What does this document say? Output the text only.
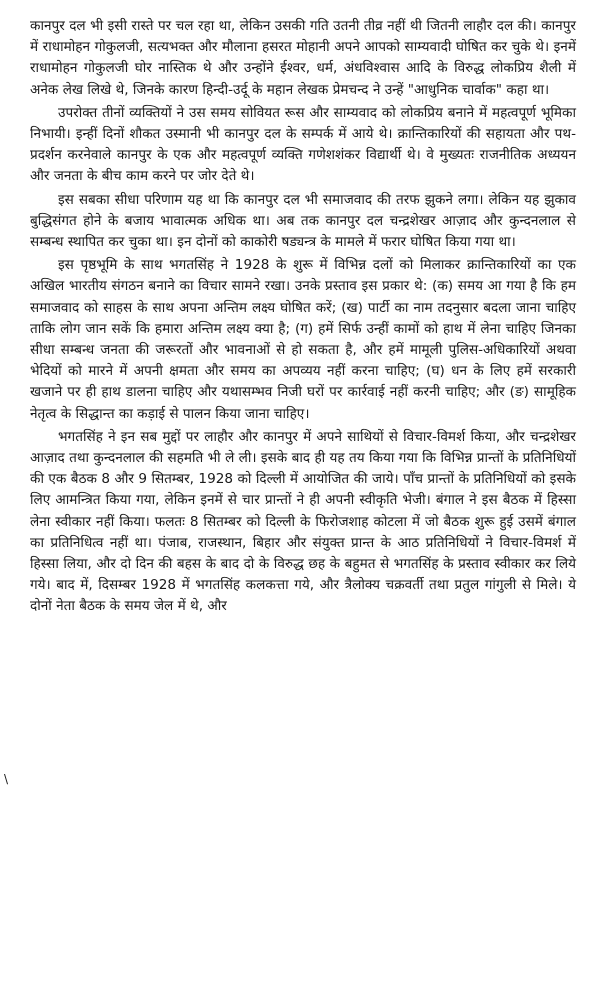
कानपुर दल भी इसी रास्ते पर चल रहा था, लेकिन उसकी गति उतनी तीव्र नहीं थी जितनी लाहौर दल की। कानपुर में राधामोहन गोकुलजी, सत्यभक्त और मौलाना हसरत मोहानी अपने आपको साम्यवादी घोषित कर चुके थे। इनमें राधामोहन गोकुलजी घोर नास्तिक थे और उन्होंने ईश्वर, धर्म, अंधविश्वास आदि के विरुद्ध लोकप्रिय शैली में अनेक लेख लिखे थे, जिनके कारण हिन्दी-उर्दू के महान लेखक प्रेमचन्द ने उन्हें "आधुनिक चार्वाक" कहा था।

उपरोक्त तीनों व्यक्तियों ने उस समय सोवियत रूस और साम्यवाद को लोकप्रिय बनाने में महत्वपूर्ण भूमिका निभायी। इन्हीं दिनों शौकत उस्मानी भी कानपुर दल के सम्पर्क में आये थे। क्रान्तिकारियों की सहायता और पथ-प्रदर्शन करनेवाले कानपुर के एक और महत्वपूर्ण व्यक्ति गणेशशंकर विद्यार्थी थे। वे मुख्यतः राजनीतिक अध्ययन और जनता के बीच काम करने पर जोर देते थे।

इस सबका सीधा परिणाम यह था कि कानपुर दल भी समाजवाद की तरफ झुकने लगा। लेकिन यह झुकाव बुद्धिसंगत होने के बजाय भावात्मक अधिक था। अब तक कानपुर दल चन्द्रशेखर आज़ाद और कुन्दनलाल से सम्बन्ध स्थापित कर चुका था। इन दोनों को काकोरी षड्यन्त्र के मामले में फरार घोषित किया गया था।

इस पृष्ठभूमि के साथ भगतसिंह ने 1928 के शुरू में विभिन्न दलों को मिलाकर क्रान्तिकारियों का एक अखिल भारतीय संगठन बनाने का विचार सामने रखा। उनके प्रस्ताव इस प्रकार थे: (क) समय आ गया है कि हम समाजवाद को साहस के साथ अपना अन्तिम लक्ष्य घोषित करें; (ख) पार्टी का नाम तदनुसार बदला जाना चाहिए ताकि लोग जान सकें कि हमारा अन्तिम लक्ष्य क्या है; (ग) हमें सिर्फ उन्हीं कामों को हाथ में लेना चाहिए जिनका सीधा सम्बन्ध जनता की जरूरतों और भावनाओं से हो सकता है, और हमें मामूली पुलिस-अधिकारियों अथवा भेदियों को मारने में अपनी क्षमता और समय का अपव्यय नहीं करना चाहिए; (घ) धन के लिए हमें सरकारी खजाने पर ही हाथ डालना चाहिए और यथासम्भव निजी घरों पर कार्रवाई नहीं करनी चाहिए; और (ङ) सामूहिक नेतृत्व के सिद्धान्त का कड़ाई से पालन किया जाना चाहिए।

भगतसिंह ने इन सब मुद्दों पर लाहौर और कानपुर में अपने साथियों से विचार-विमर्श किया, और चन्द्रशेखर आज़ाद तथा कुन्दनलाल की सहमति भी ले ली। इसके बाद ही यह तय किया गया कि विभिन्न प्रान्तों के प्रतिनिधियों की एक बैठक 8 और 9 सितम्बर, 1928 को दिल्ली में आयोजित की जाये। पाँच प्रान्तों के प्रतिनिधियों को इसके लिए आमन्त्रित किया गया, लेकिन इनमें से चार प्रान्तों ने ही अपनी स्वीकृति भेजी। बंगाल ने इस बैठक में हिस्सा लेना स्वीकार नहीं किया। फलतः 8 सितम्बर को दिल्ली के फिरोजशाह कोटला में जो बैठक शुरू हुई उसमें बंगाल का प्रतिनिधित्व नहीं था। पंजाब, राजस्थान, बिहार और संयुक्त प्रान्त के आठ प्रतिनिधियों ने विचार-विमर्श में हिस्सा लिया, और दो दिन की बहस के बाद दो के विरुद्ध छह के बहुमत से भगतसिंह के प्रस्ताव स्वीकार कर लिये गये। बाद में, दिसम्बर 1928 में भगतसिंह कलकत्ता गये, और त्रैलोक्य चक्रवर्ती तथा प्रतुल गांगुली से मिले। ये दोनों नेता बैठक के समय जेल में थे, और

\
